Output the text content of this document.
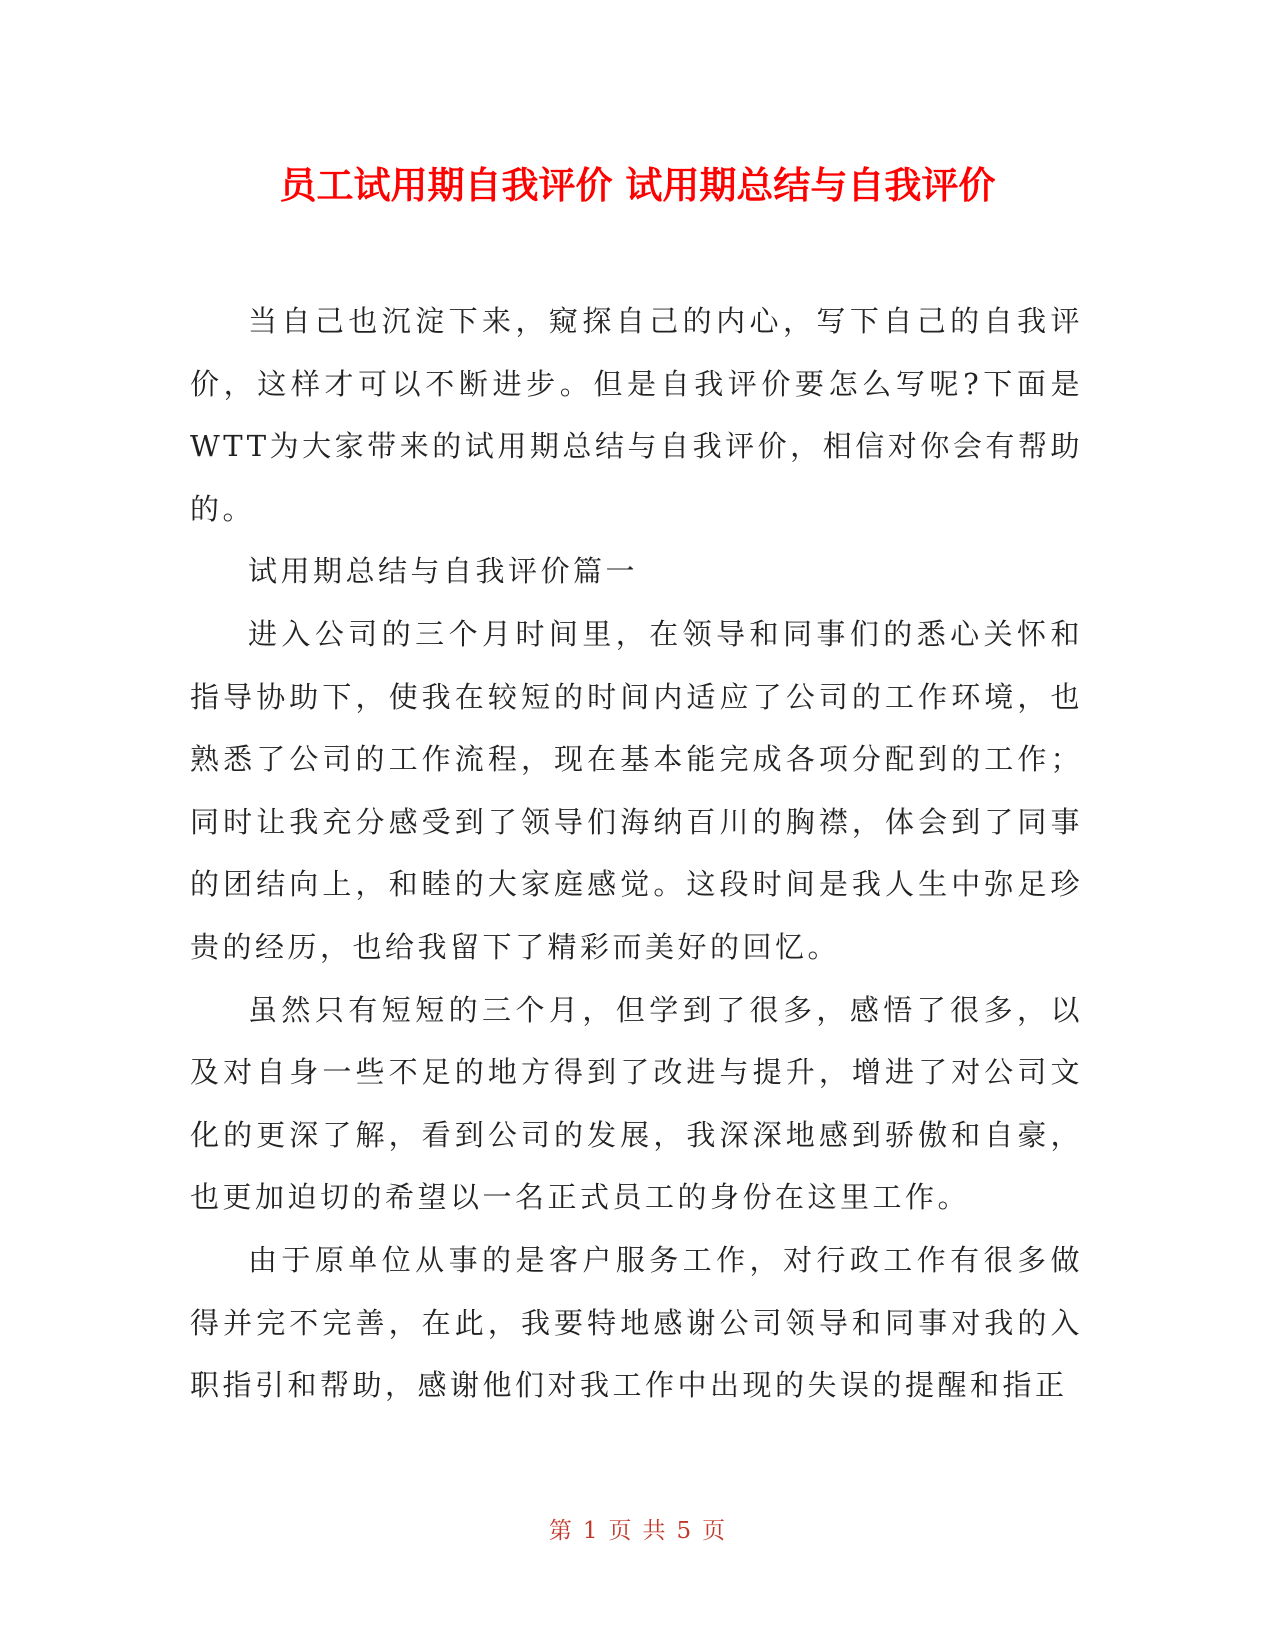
员工试用期自我评价 试用期总结与自我评价

当自己也沉淀下来，窥探自己的内心，写下自己的自我评价，这样才可以不断进步。但是自我评价要怎么写呢?下面是WTT为大家带来的试用期总结与自我评价，相信对你会有帮助的。

试用期总结与自我评价篇一

进入公司的三个月时间里，在领导和同事们的悉心关怀和指导协助下，使我在较短的时间内适应了公司的工作环境，也熟悉了公司的工作流程，现在基本能完成各项分配到的工作；同时让我充分感受到了领导们海纳百川的胸襟，体会到了同事的团结向上，和睦的大家庭感觉。这段时间是我人生中弥足珍贵的经历，也给我留下了精彩而美好的回忆。

虽然只有短短的三个月，但学到了很多，感悟了很多，以及对自身一些不足的地方得到了改进与提升，增进了对公司文化的更深了解，看到公司的发展，我深深地感到骄傲和自豪，也更加迫切的希望以一名正式员工的身份在这里工作。

由于原单位从事的是客户服务工作，对行政工作有很多做得并完不完善，在此，我要特地感谢公司领导和同事对我的入职指引和帮助，感谢他们对我工作中出现的失误的提醒和指正

第 1 页 共 5 页
